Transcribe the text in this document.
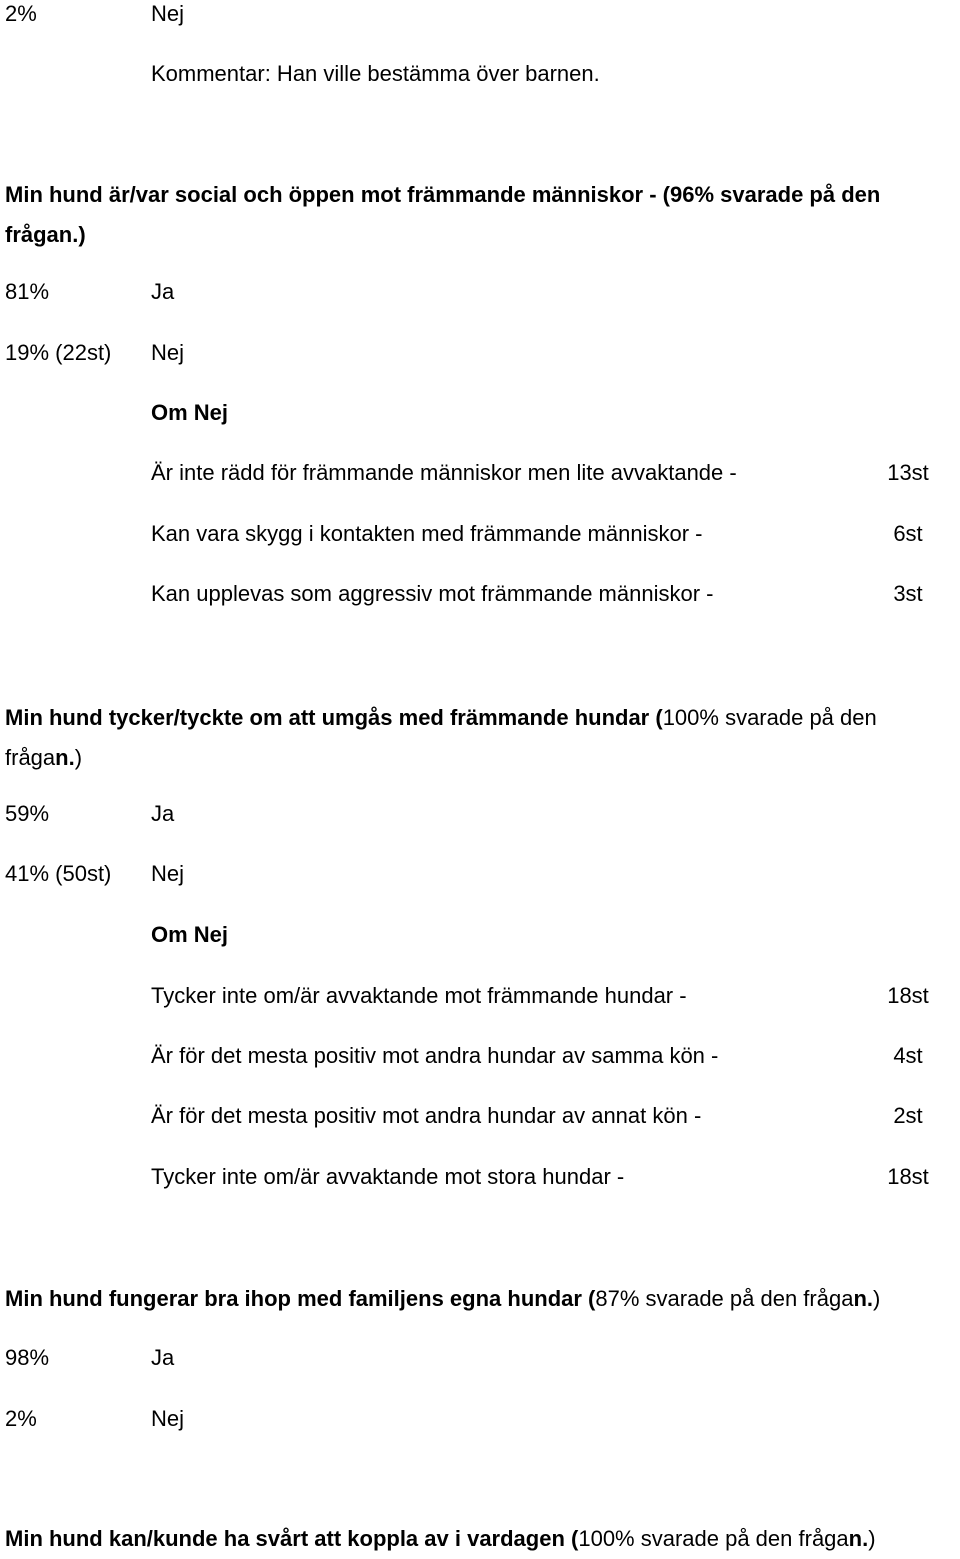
2%	Nej
Kommentar: Han ville bestämma över barnen.
Min hund är/var social och öppen mot främmande människor - (96% svarade på den frågan.)
81%	Ja
19% (22st) Nej
Om Nej
Är inte rädd för främmande människor men lite avvaktande -	13st
Kan vara skygg i kontakten med främmande människor -	6st
Kan upplevas som aggressiv mot främmande människor -	3st
Min hund tycker/tyckte om att umgås med främmande hundar (100% svarade på den frågan.)
59%	Ja
41% (50st) Nej
Om Nej
Tycker inte om/är avvaktande mot främmande hundar -	18st
Är för det mesta positiv mot andra hundar av samma kön -	4st
Är för det mesta positiv mot andra hundar av annat kön -	2st
Tycker inte om/är avvaktande mot stora hundar -	18st
Min hund fungerar bra ihop med familjens egna hundar (87% svarade på den frågan.)
98%	Ja
2%	Nej
Min hund kan/kunde ha svårt att koppla av i vardagen (100% svarade på den frågan.)
